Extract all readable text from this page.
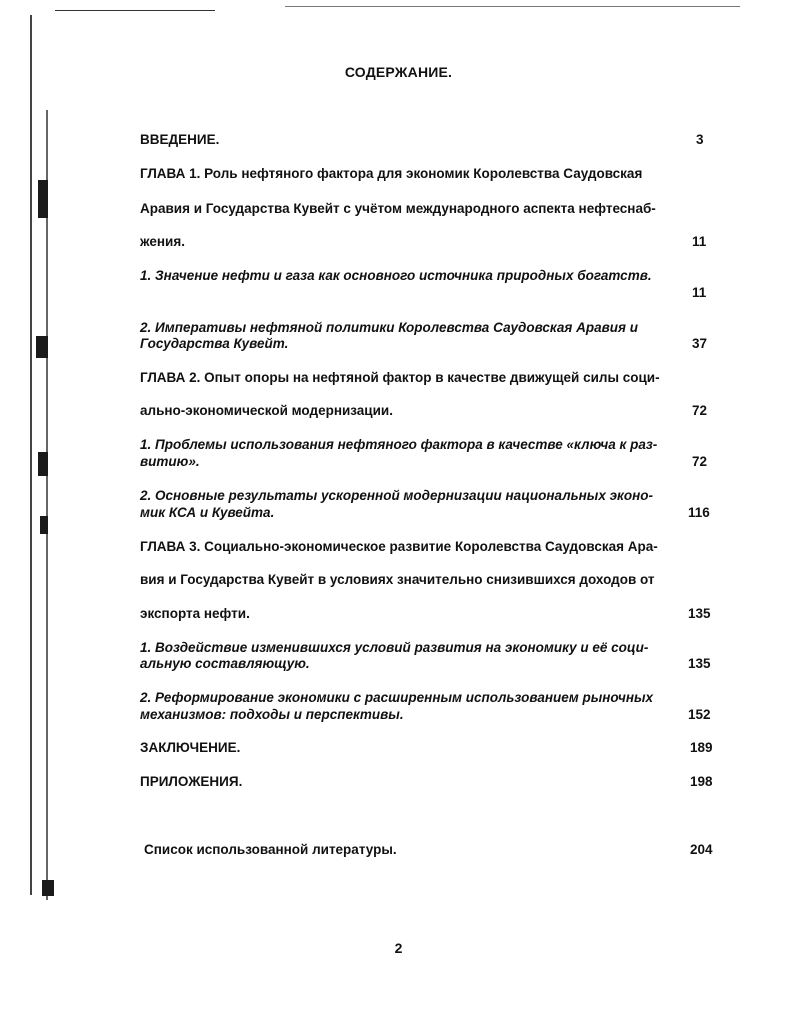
СОДЕРЖАНИЕ.
ВВЕДЕНИЕ.	3
ГЛАВА 1. Роль нефтяного фактора для экономик Королевства Саудовская
Аравия и Государства Кувейт с учётом международного аспекта нефтеснаб-
жения.	11
1. Значение нефти и газа как основного источника природных богатств.
11
2. Императивы нефтяной политики Королевства Саудовская Аравия и
Государства Кувейт.	37
ГЛАВА 2. Опыт опоры на нефтяной фактор в качестве движущей силы соци-
ально-экономической модернизации.	72
1. Проблемы использования нефтяного фактора в качестве «ключа к раз-
витию».	72
2. Основные результаты ускоренной модернизации национальных эконо-
мик КСА и Кувейта.	116
ГЛАВА 3. Социально-экономическое развитие Королевства Саудовская Ара-
вия и Государства Кувейт в условиях значительно снизившихся доходов от
экспорта нефти.	135
1. Воздействие изменившихся условий развития на экономику и её соци-
альную составляющую.	135
2. Реформирование экономики с расширенным использованием рыночных
механизмов: подходы и перспективы.	152
ЗАКЛЮЧЕНИЕ.	189
ПРИЛОЖЕНИЯ.	198
Список использованной литературы.	204
2
